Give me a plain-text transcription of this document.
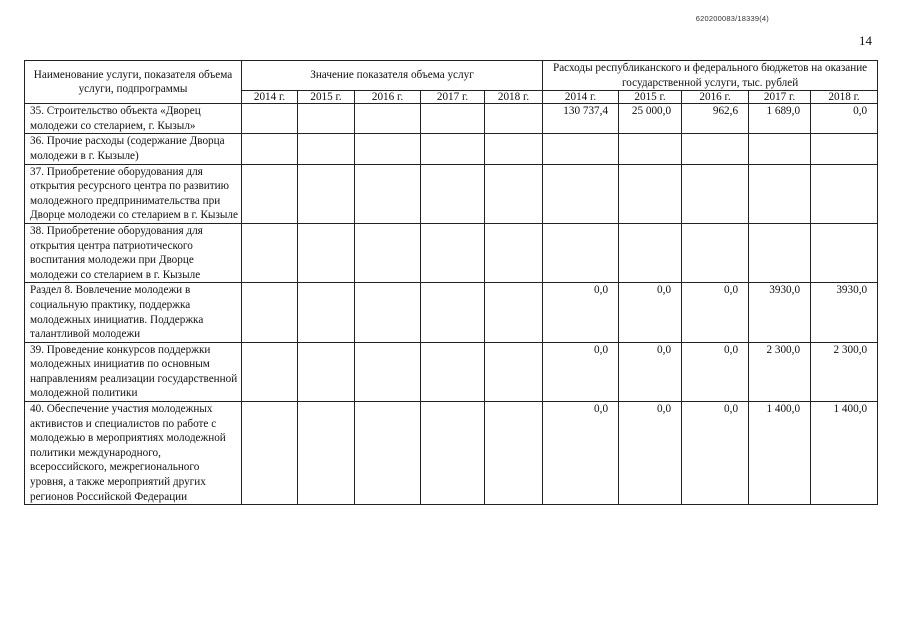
620200083/18339(4)
14
Наименование услуги, показателя объема услуги, подпрограммы	Значение показателя объема услуг					Расходы республиканского и федерального бюджетов на оказание государственной услуги, тыс. рублей				
	2014 г.	2015 г.	2016 г.	2017 г.	2018 г.	2014 г.	2015 г.	2016 г.	2017 г.	2018 г.
35. Строительство объекта «Дворец молодежи со стеларием, г. Кызыл»						130 737,4	25 000,0	962,6	1 689,0	0,0
36. Прочие расходы (содержание Дворца молодежи в г. Кызыле)										
37. Приобретение оборудования для открытия ресурсного центра по развитию молодежного предпринимательства при Дворце молодежи со стеларием в г. Кызыле										
38. Приобретение оборудования для открытия центра патриотического воспитания молодежи при Дворце молодежи со стеларием в г. Кызыле										
Раздел 8. Вовлечение молодежи в социальную практику, поддержка молодежных инициатив. Поддержка талантливой молодежи						0,0	0,0	0,0	3930,0	3930,0
39. Проведение конкурсов поддержки молодежных инициатив по основным направлениям реализации государственной молодежной политики						0,0	0,0	0,0	2 300,0	2 300,0
40. Обеспечение участия молодежных активистов и специалистов по работе с молодежью в мероприятиях молодежной политики международного, всероссийского, межрегионального уровня, а также мероприятий других регионов Российской Федерации						0,0	0,0	0,0	1 400,0	1 400,0
